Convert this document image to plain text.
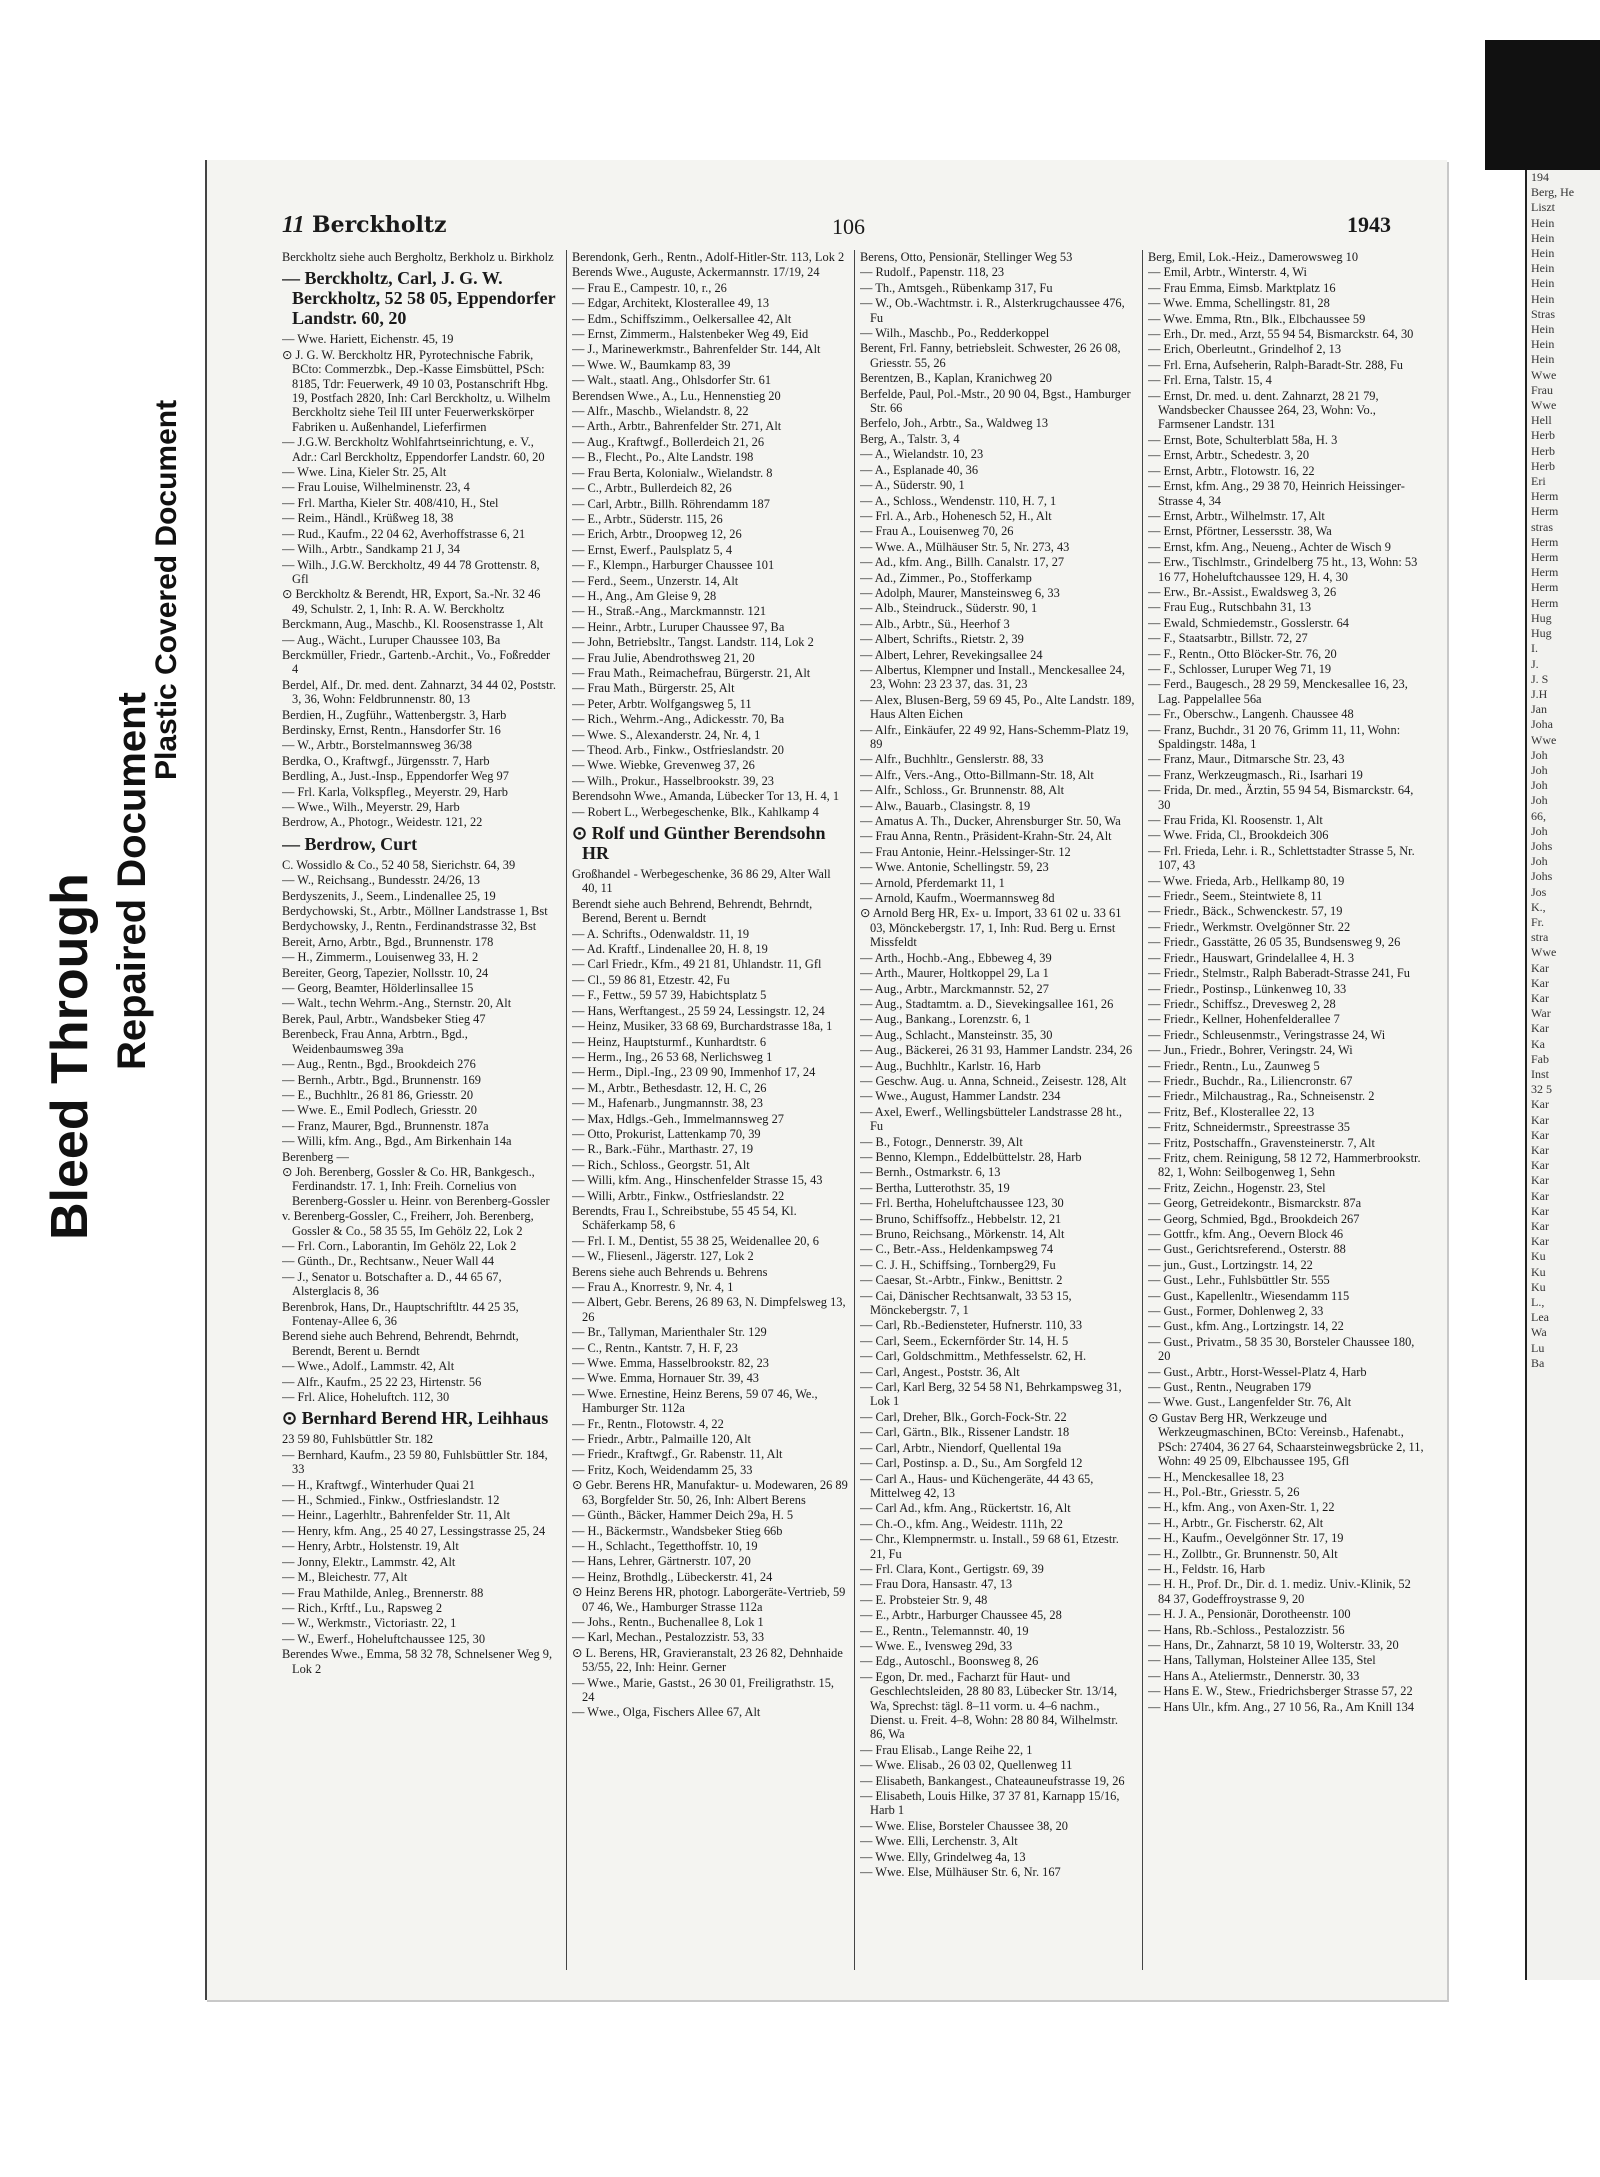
Bleed Through Repaired Document
Plastic Covered Document
11 Berckholtz	106	1943
Berckholtz siehe auch Bergholtz, Berkholz u. Birkholz
— Berckholtz, Carl, J. G. W. Berckholtz, 52 58 05, Eppendorfer Landstr. 60, 20
— Wwe. Hariett, Eichenstr. 45, 19
⊙ J. G. W. Berckholtz HR, Pyrotechnische Fabrik, BCto: Commerzbk., Dep.-Kasse Eimsbüttel, PSch: 8185, Tdr: Feuerwerk, 49 10 03, Postanschrift Hbg. 19, Postfach 2820, Inh: Carl Berckholtz, u. Wilhelm Berckholtz siehe Teil III unter Feuerwerkskörper Fabriken u. Außenhandel, Lieferfirmen
— J.G.W. Berckholtz Wohlfahrtseinrichtung, e. V., Adr.: Carl Berckholtz, Eppendorfer Landstr. 60, 20
— Wwe. Lina, Kieler Str. 25, Alt
— Frau Louise, Wilhelminenstr. 23, 4
— Frl. Martha, Kieler Str. 408/410, H., Stel
— Reim., Händl., Krüßweg 18, 38
— Rud., Kaufm., 22 04 62, Averhoffstrasse 6, 21
— Wilh., Arbtr., Sandkamp 21 J, 34
— Wilh., J.G.W. Berckholtz, 49 44 78 Grottenstr. 8, Gfl
⊙ Berckholtz & Berendt, HR, Export, Sa.-Nr. 32 46 49, Schulstr. 2, 1, Inh: R. A. W. Berckholtz
Berckmann, Aug., Maschb., Kl. Roosenstrasse 1, Alt
— Aug., Wächt., Luruper Chaussee 103, Ba
Berckmüller, Friedr., Gartenb.-Archit., Vo., Foßredder 4
Berdel, Alf., Dr. med. dent. Zahnarzt, 34 44 02, Poststr. 3, 36, Wohn: Feldbrunnenstr. 80, 13
Berdien, H., Zugführ., Wattenbergstr. 3, Harb
Berdinsky, Ernst, Rentn., Hansdorfer Str. 16
— W., Arbtr., Borstelmannsweg 36/38
Berdka, O., Kraftwgf., Jürgensstr. 7, Harb
Berdling, A., Just.-Insp., Eppendorfer Weg 97
— Frl. Karla, Volkspfleg., Meyerstr. 29, Harb
— Wwe., Wilh., Meyerstr. 29, Harb
Berdrow, A., Photogr., Weidestr. 121, 22
— Berdrow, Curt
C. Wossidlo & Co., 52 40 58, Sierichstr. 64, 39
— W., Reichsang., Bundesstr. 24/26, 13
Berdyszenits, J., Seem., Lindenallee 25, 19
Berdychowski, St., Arbtr., Möllner Landstrasse 1, Bst
Berdychowsky, J., Rentn., Ferdinandstrasse 32, Bst
Bereit, Arno, Arbtr., Bgd., Brunnenstr. 178
— H., Zimmerm., Louisenweg 33, H. 2
Bereiter, Georg, Tapezier, Nollsstr. 10, 24
— Georg, Beamter, Hölderlinsallee 15
— Walt., techn Wehrm.-Ang., Sternstr. 20, Alt
Berek, Paul, Arbtr., Wandsbeker Stieg 47
Berenbeck, Frau Anna, Arbtrn., Bgd., Weidenbaumsweg 39a
— Aug., Rentn., Bgd., Brookdeich 276
— Bernh., Arbtr., Bgd., Brunnenstr. 169
— E., Buchhltr., 26 81 86, Griesstr. 20
— Wwe. E., Emil Podlech, Griesstr. 20
— Franz, Maurer, Bgd., Brunnenstr. 187a
— Willi, kfm. Ang., Bgd., Am Birkenhain 14a
Berenberg —
⊙ Joh. Berenberg, Gossler & Co. HR, Bankgesch., Ferdinandstr. 17. 1, Inh: Freih. Cornelius von Berenberg-Gossler u. Heinr. von Berenberg-Gossler
v. Berenberg-Gossler, C., Freiherr, Joh. Berenberg, Gossler & Co., 58 35 55, Im Gehölz 22, Lok 2
— Frl. Corn., Laborantin, Im Gehölz 22, Lok 2
— Günth., Dr., Rechtsanw., Neuer Wall 44
— J., Senator u. Botschafter a. D., 44 65 67, Alsterglacis 8, 36
Berenbrok, Hans, Dr., Hauptschriftltr. 44 25 35, Fontenay-Allee 6, 36
Berend siehe auch Behrend, Behrendt, Behrndt, Berendt, Berent u. Berndt
— Wwe., Adolf., Lammstr. 42, Alt
— Alfr., Kaufm., 25 22 23, Hirtenstr. 56
— Frl. Alice, Hoheluftch. 112, 30
⊙ Bernhard Berend HR, Leihhaus
23 59 80, Fuhlsbüttler Str. 182
— Bernhard, Kaufm., 23 59 80, Fuhlsbüttler Str. 184, 33
— H., Kraftwgf., Winterhuder Quai 21
— H., Schmied., Finkw., Ostfrieslandstr. 12
— Heinr., Lagerhltr., Bahrenfelder Str. 11, Alt
— Henry, kfm. Ang., 25 40 27, Lessingstrasse 25, 24
— Henry, Arbtr., Holstenstr. 19, Alt
— Jonny, Elektr., Lammstr. 42, Alt
— M., Bleichestr. 77, Alt
— Frau Mathilde, Anleg., Brennerstr. 88
— Rich., Krftf., Lu., Rapsweg 2
— W., Werkmstr., Victoriastr. 22, 1
— W., Ewerf., Hoheluftchaussee 125, 30
Berendes Wwe., Emma, 58 32 78, Schnelsener Weg 9, Lok 2
Berendonk, Gerh., Rentn., Adolf-Hitler-Str. 113, Lok 2
Berends Wwe., Auguste, Ackermannstr. 17/19, 24
— Frau E., Campestr. 10, r., 26
— Edgar, Architekt, Klosterallee 49, 13
— Edm., Schiffszimm., Oelkersallee 42, Alt
— Ernst, Zimmerm., Halstenbeker Weg 49, Eid
— J., Marinewerkmstr., Bahrenfelder Str. 144, Alt
— Wwe. W., Baumkamp 83, 39
— Walt., staatl. Ang., Ohlsdorfer Str. 61
Berendsen Wwe., A., Lu., Hennenstieg 20
— Alfr., Maschb., Wielandstr. 8, 22
— Arth., Arbtr., Bahrenfelder Str. 271, Alt
— Aug., Kraftwgf., Bollerdeich 21, 26
— B., Flecht., Po., Alte Landstr. 198
— Frau Berta, Kolonialw., Wielandstr. 8
— C., Arbtr., Bullerdeich 82, 26
— Carl, Arbtr., Billh. Röhrendamm 187
— E., Arbtr., Süderstr. 115, 26
— Erich, Arbtr., Droopweg 12, 26
— Ernst, Ewerf., Paulsplatz 5, 4
— F., Klempn., Harburger Chaussee 101
— Ferd., Seem., Unzerstr. 14, Alt
— H., Ang., Am Gleise 9, 28
— H., Straß.-Ang., Marckmannstr. 121
— Heinr., Arbtr., Luruper Chaussee 97, Ba
— John, Betriebsltr., Tangst. Landstr. 114, Lok 2
— Frau Julie, Abendrothsweg 21, 20
— Frau Math., Reimachefrau, Bürgerstr. 21, Alt
— Frau Math., Bürgerstr. 25, Alt
— Peter, Arbtr. Wolfgangsweg 5, 11
— Rich., Wehrm.-Ang., Adickesstr. 70, Ba
— Wwe. S., Alexanderstr. 24, Nr. 4, 1
— Theod. Arb., Finkw., Ostfrieslandstr. 20
— Wwe. Wiebke, Grevenweg 37, 26
— Wilh., Prokur., Hasselbrookstr. 39, 23
Berendsohn Wwe., Amanda, Lübecker Tor 13, H. 4, 1
— Robert L., Werbegeschenke, Blk., Kahlkamp 4
⊙ Rolf und Günther Berendsohn HR
Großhandel - Werbegeschenke, 36 86 29, Alter Wall 40, 11
Berendt siehe auch Behrend, Behrendt, Behrndt, Berend, Berent u. Berndt
— A. Schrifts., Odenwaldstr. 11, 19
— Ad. Kraftf., Lindenallee 20, H. 8, 19
— Carl Friedr., Kfm., 49 21 81, Uhlandstr. 11, Gfl
— Cl., 59 86 81, Etzestr. 42, Fu
— F., Fettw., 59 57 39, Habichtsplatz 5
— Hans, Werftangest., 25 59 24, Lessingstr. 12, 24
— Heinz, Musiker, 33 68 69, Burchardstrasse 18a, 1
— Heinz, Hauptsturmf., Kunhardtstr. 6
— Herm., Ing., 26 53 68, Nerlichsweg 1
— Herm., Dipl.-Ing., 23 09 90, Immenhof 17, 24
— M., Arbtr., Bethesdastr. 12, H. C, 26
— M., Hafenarb., Jungmannstr. 38, 23
— Max, Hdlgs.-Geh., Immelmannsweg 27
— Otto, Prokurist, Lattenkamp 70, 39
— R., Bark.-Führ., Marthastr. 27, 19
— Rich., Schloss., Georgstr. 51, Alt
— Willi, kfm. Ang., Hinschenfelder Strasse 15, 43
— Willi, Arbtr., Finkw., Ostfrieslandstr. 22
Berendts, Frau I., Schreibstube, 55 45 54, Kl. Schäferkamp 58, 6
— Frl. I. M., Dentist, 55 38 25, Weidenallee 20, 6
— W., Fliesenl., Jägerstr. 127, Lok 2
Berens siehe auch Behrends u. Behrens
— Frau A., Knorrestr. 9, Nr. 4, 1
— Albert, Gebr. Berens, 26 89 63, N. Dimpfelsweg 13, 26
— Br., Tallyman, Marienthaler Str. 129
— C., Rentn., Kantstr. 7, H. F, 23
— Wwe. Emma, Hasselbrookstr. 82, 23
— Wwe. Emma, Hornauer Str. 39, 43
— Wwe. Ernestine, Heinz Berens, 59 07 46, We., Hamburger Str. 112a
— Fr., Rentn., Flotowstr. 4, 22
— Friedr., Arbtr., Palmaille 120, Alt
— Friedr., Kraftwgf., Gr. Rabenstr. 11, Alt
— Fritz, Koch, Weidendamm 25, 33
⊙ Gebr. Berens HR, Manufaktur- u. Modewaren, 26 89 63, Borgfelder Str. 50, 26, Inh: Albert Berens
— Günth., Bäcker, Hammer Deich 29a, H. 5
— H., Bäckermstr., Wandsbeker Stieg 66b
— H., Schlacht., Tegetthoffstr. 10, 19
— Hans, Lehrer, Gärtnerstr. 107, 20
— Heinz, Brothdlg., Lübeckerstr. 41, 24
⊙ Heinz Berens HR, photogr. Laborgeräte-Vertrieb, 59 07 46, We., Hamburger Strasse 112a
— Johs., Rentn., Buchenallee 8, Lok 1
— Karl, Mechan., Pestalozzistr. 53, 33
⊙ L. Berens, HR, Gravieranstalt, 23 26 82, Dehnhaide 53/55, 22, Inh: Heinr. Gerner
— Wwe., Marie, Gastst., 26 30 01, Freiligrathstr. 15, 24
— Wwe., Olga, Fischers Allee 67, Alt
Berens, Otto, Pensionär, Stellinger Weg 53
— Rudolf., Papenstr. 118, 23
— Th., Amtsgeh., Rübenkamp 317, Fu
— W., Ob.-Wachtmstr. i. R., Alsterkrugchaussee 476, Fu
— Wilh., Maschb., Po., Redderkoppel
Berent, Frl. Fanny, betriebsleit. Schwester, 26 26 08, Griesstr. 55, 26
Berentzen, B., Kaplan, Kranichweg 20
Berfelde, Paul, Pol.-Mstr., 20 90 04, Bgst., Hamburger Str. 66
Berfelo, Joh., Arbtr., Sa., Waldweg 13
Berg, A., Talstr. 3, 4
— A., Wielandstr. 10, 23
— A., Esplanade 40, 36
— A., Süderstr. 90, 1
— A., Schloss., Wendenstr. 110, H. 7, 1
— Frl. A., Arb., Hohenesch 52, H., Alt
— Frau A., Louisenweg 70, 26
— Wwe. A., Mülhäuser Str. 5, Nr. 273, 43
— Ad., kfm. Ang., Billh. Canalstr. 17, 27
— Ad., Zimmer., Po., Stofferkamp
— Adolph, Maurer, Mansteinsweg 6, 33
— Alb., Steindruck., Süderstr. 90, 1
— Alb., Arbtr., Sü., Heerhof 3
— Albert, Schrifts., Rietstr. 2, 39
— Albert, Lehrer, Revekingsallee 24
— Albertus, Klempner und Install., Menckesallee 24, 23, Wohn: 23 23 37, das. 31, 23
— Alex, Blusen-Berg, 59 69 45, Po., Alte Landstr. 189, Haus Alten Eichen
— Alfr., Einkäufer, 22 49 92, Hans-Schemm-Platz 19, 89
— Alfr., Buchhltr., Genslerstr. 88, 33
— Alfr., Vers.-Ang., Otto-Billmann-Str. 18, Alt
— Alfr., Schloss., Gr. Brunnenstr. 88, Alt
— Alw., Bauarb., Clasingstr. 8, 19
— Amatus A. Th., Ducker, Ahrensburger Str. 50, Wa
— Frau Anna, Rentn., Präsident-Krahn-Str. 24, Alt
— Frau Antonie, Heinr.-Helssinger-Str. 12
— Wwe. Antonie, Schellingstr. 59, 23
— Arnold, Pferdemarkt 11, 1
— Arnold, Kaufm., Woermannsweg 8d
⊙ Arnold Berg HR, Ex- u. Import, 33 61 02 u. 33 61 03, Mönckebergstr. 17, 1, Inh: Rud. Berg u. Ernst Missfeldt
— Arth., Hochb.-Ang., Ebbeweg 4, 39
— Arth., Maurer, Holtkoppel 29, La 1
— Aug., Arbtr., Marckmannstr. 52, 27
— Aug., Stadtamtm. a. D., Sievekingsallee 161, 26
— Aug., Bankang., Lorenzstr. 6, 1
— Aug., Schlacht., Mansteinstr. 35, 30
— Aug., Bäckerei, 26 31 93, Hammer Landstr. 234, 26
— Aug., Buchhltr., Karlstr. 16, Harb
— Geschw. Aug. u. Anna, Schneid., Zeisestr. 128, Alt
— Wwe., August, Hammer Landstr. 234
— Axel, Ewerf., Wellingsbütteler Landstrasse 28 ht., Fu
— B., Fotogr., Dennerstr. 39, Alt
— Benno, Klempn., Eddelbüttelstr. 28, Harb
— Bernh., Ostmarkstr. 6, 13
— Bertha, Lutterothstr. 35, 19
— Frl. Bertha, Hoheluftchaussee 123, 30
— Bruno, Schiffsoffz., Hebbelstr. 12, 21
— Bruno, Reichsang., Mörkenstr. 14, Alt
— C., Betr.-Ass., Heldenkampsweg 74
— C. J. H., Schiffsing., Tornberg29, Fu
— Caesar, St.-Arbtr., Finkw., Benittstr. 2
— Cai, Dänischer Rechtsanwalt, 33 53 15, Mönckebergstr. 7, 1
— Carl, Rb.-Bediensteter, Hufnerstr. 110, 33
— Carl, Seem., Eckernförder Str. 14, H. 5
— Carl, Goldschmittm., Methfesselstr. 62, H.
— Carl, Angest., Poststr. 36, Alt
— Carl, Karl Berg, 32 54 58 N1, Behrkampsweg 31, Lok 1
— Carl, Dreher, Blk., Gorch-Fock-Str. 22
— Carl, Gärtn., Blk., Rissener Landstr. 18
— Carl, Arbtr., Niendorf, Quellental 19a
— Carl, Postinsp. a. D., Su., Am Sorgfeld 12
— Carl A., Haus- und Küchengeräte, 44 43 65, Mittelweg 42, 13
— Carl Ad., kfm. Ang., Rückertstr. 16, Alt
— Ch.-O., kfm. Ang., Weidestr. 111h, 22
— Chr., Klempnermstr. u. Install., 59 68 61, Etzestr. 21, Fu
— Frl. Clara, Kont., Gertigstr. 69, 39
— Frau Dora, Hansastr. 47, 13
— E. Probsteier Str. 9, 48
— E., Arbtr., Harburger Chaussee 45, 28
— E., Rentn., Telemannstr. 40, 19
— Wwe. E., Ivensweg 29d, 33
— Edg., Autoschl., Boonsweg 8, 26
— Egon, Dr. med., Facharzt für Haut- und Geschlechtsleiden, 28 80 83, Lübecker Str. 13/14, Wa, Sprechst: tägl. 8–11 vorm. u. 4–6 nachm., Dienst. u. Freit. 4–8, Wohn: 28 80 84, Wilhelmstr. 86, Wa
— Frau Elisab., Lange Reihe 22, 1
— Wwe. Elisab., 26 03 02, Quellenweg 11
— Elisabeth, Bankangest., Chateauneufstrasse 19, 26
— Elisabeth, Louis Hilke, 37 37 81, Karnapp 15/16, Harb 1
— Wwe. Elise, Borsteler Chaussee 38, 20
— Wwe. Elli, Lerchenstr. 3, Alt
— Wwe. Elly, Grindelweg 4a, 13
— Wwe. Else, Mülhäuser Str. 6, Nr. 167
Berg, Emil, Lok.-Heiz., Damerowsweg 10
— Emil, Arbtr., Winterstr. 4, Wi
— Frau Emma, Eimsb. Marktplatz 16
— Wwe. Emma, Schellingstr. 81, 28
— Wwe. Emma, Rtn., Blk., Elbchaussee 59
— Erh., Dr. med., Arzt, 55 94 54, Bismarckstr. 64, 30
— Erich, Oberleutnt., Grindelhof 2, 13
— Frl. Erna, Aufseherin, Ralph-Baradt-Str. 288, Fu
— Frl. Erna, Talstr. 15, 4
— Ernst, Dr. med. u. dent. Zahnarzt, 28 21 79, Wandsbecker Chaussee 264, 23, Wohn: Vo., Farmsener Landstr. 131
— Ernst, Bote, Schulterblatt 58a, H. 3
— Ernst, Arbtr., Schedestr. 3, 20
— Ernst, Arbtr., Flotowstr. 16, 22
— Ernst, kfm. Ang., 29 38 70, Heinrich Heissinger-Strasse 4, 34
— Ernst, Arbtr., Wilhelmstr. 17, Alt
— Ernst, Pförtner, Lessersstr. 38, Wa
— Ernst, kfm. Ang., Neueng., Achter de Wisch 9
— Erw., Tischlmstr., Grindelberg 75 ht., 13, Wohn: 53 16 77, Hoheluftchaussee 129, H. 4, 30
— Erw., Br.-Assist., Ewaldsweg 3, 26
— Frau Eug., Rutschbahn 31, 13
— Ewald, Schmiedemstr., Gosslerstr. 64
— F., Staatsarbtr., Billstr. 72, 27
— F., Rentn., Otto Blöcker-Str. 76, 20
— F., Schlosser, Luruper Weg 71, 19
— Ferd., Baugesch., 28 29 59, Menckesallee 16, 23, Lag. Pappelallee 56a
— Fr., Oberschw., Langenh. Chaussee 48
— Franz, Buchdr., 31 20 76, Grimm 11, 11, Wohn: Spaldingstr. 148a, 1
— Franz, Maur., Ditmarsche Str. 23, 43
— Franz, Werkzeugmasch., Ri., Isarhari 19
— Frida, Dr. med., Ärztin, 55 94 54, Bismarckstr. 64, 30
— Frau Frida, Kl. Roosenstr. 1, Alt
— Wwe. Frida, Cl., Brookdeich 306
— Frl. Frieda, Lehr. i. R., Schlettstadter Strasse 5, Nr. 107, 43
— Wwe. Frieda, Arb., Hellkamp 80, 19
— Friedr., Seem., Steintwiete 8, 11
— Friedr., Bäck., Schwenckestr. 57, 19
— Friedr., Werkmstr. Ovelgönner Str. 22
— Friedr., Gasstätte, 26 05 35, Bundsensweg 9, 26
— Friedr., Hauswart, Grindelallee 4, H. 3
— Friedr., Stelmstr., Ralph Baberadt-Strasse 241, Fu
— Friedr., Postinsp., Lünkenweg 10, 33
— Friedr., Schiffsz., Drevesweg 2, 28
— Friedr., Kellner, Hohenfelderallee 7
— Friedr., Schleusenmstr., Veringstrasse 24, Wi
— Jun., Friedr., Bohrer, Veringstr. 24, Wi
— Friedr., Rentn., Lu., Zaunweg 5
— Friedr., Buchdr., Ra., Liliencronstr. 67
— Friedr., Milchaustrag., Ra., Schneisenstr. 2
— Fritz, Bef., Klosterallee 22, 13
— Fritz, Schneidermstr., Spreestrasse 35
— Fritz, Postschaffn., Gravensteinerstr. 7, Alt
— Fritz, chem. Reinigung, 58 12 72, Hammerbrookstr. 82, 1, Wohn: Seilbogenweg 1, Sehn
— Fritz, Zeichn., Hogenstr. 23, Stel
— Georg, Getreidekontr., Bismarckstr. 87a
— Georg, Schmied, Bgd., Brookdeich 267
— Gottfr., kfm. Ang., Oevern Block 46
— Gust., Gerichtsreferend., Osterstr. 88
— jun., Gust., Lortzingstr. 14, 22
— Gust., Lehr., Fuhlsbüttler Str. 555
— Gust., Kapellenltr., Wiesendamm 115
— Gust., Former, Dohlenweg 2, 33
— Gust., kfm. Ang., Lortzingstr. 14, 22
— Gust., Privatm., 58 35 30, Borsteler Chaussee 180, 20
— Gust., Arbtr., Horst-Wessel-Platz 4, Harb
— Gust., Rentn., Neugraben 179
— Wwe. Gust., Langenfelder Str. 76, Alt
⊙ Gustav Berg HR, Werkzeuge und Werkzeugmaschinen, BCto: Vereinsb., Hafenabt., PSch: 27404, 36 27 64, Schaarsteinwegsbrücke 2, 11, Wohn: 49 25 09, Elbchaussee 195, Gfl
— H., Menckesallee 18, 23
— H., Pol.-Btr., Griesstr. 5, 26
— H., kfm. Ang., von Axen-Str. 1, 22
— H., Arbtr., Gr. Fischerstr. 62, Alt
— H., Kaufm., Oevelgönner Str. 17, 19
— H., Zollbtr., Gr. Brunnenstr. 50, Alt
— H., Feldstr. 16, Harb
— H. H., Prof. Dr., Dir. d. 1. mediz. Univ.-Klinik, 52 84 37, Godeffroystrasse 9, 20
— H. J. A., Pensionär, Dorotheenstr. 100
— Hans, Rb.-Schloss., Pestalozzistr. 56
— Hans, Dr., Zahnarzt, 58 10 19, Wolterstr. 33, 20
— Hans, Tallyman, Holsteiner Allee 135, Stel
— Hans A., Ateliermstr., Dennerstr. 30, 33
— Hans E. W., Stew., Friedrichsberger Strasse 57, 22
— Hans Ulr., kfm. Ang., 27 10 56, Ra., Am Knill 134
194
Berg, He
Liszt
Hein
Hein
Hein
Hein
Hein
Hein
Stras
Hein
Hein
Hein
Wwe
Frau
Wwe
Hell
Herb
Herb
Herb
Eri
Herm
Herm
stras
Herm
Herm
Herm
Herm
Herm
Hug
Hug
I.
J.
J. S
J.H
Jan
Joha
Wwe
Joh
Joh
Joh
Joh
66,
Joh
Johs
Joh
Johs
Jos
K.,
Fr.
stra
Wwe
Kar
Kar
Kar
War
Kar
Ka
Fab
Inst
32 5
Kar
Kar
Kar
Kar
Kar
Kar
Kar
Kar
Kar
Kar
Ku
Ku
Ku
L.,
Lea
Wa
Lu
Ba
